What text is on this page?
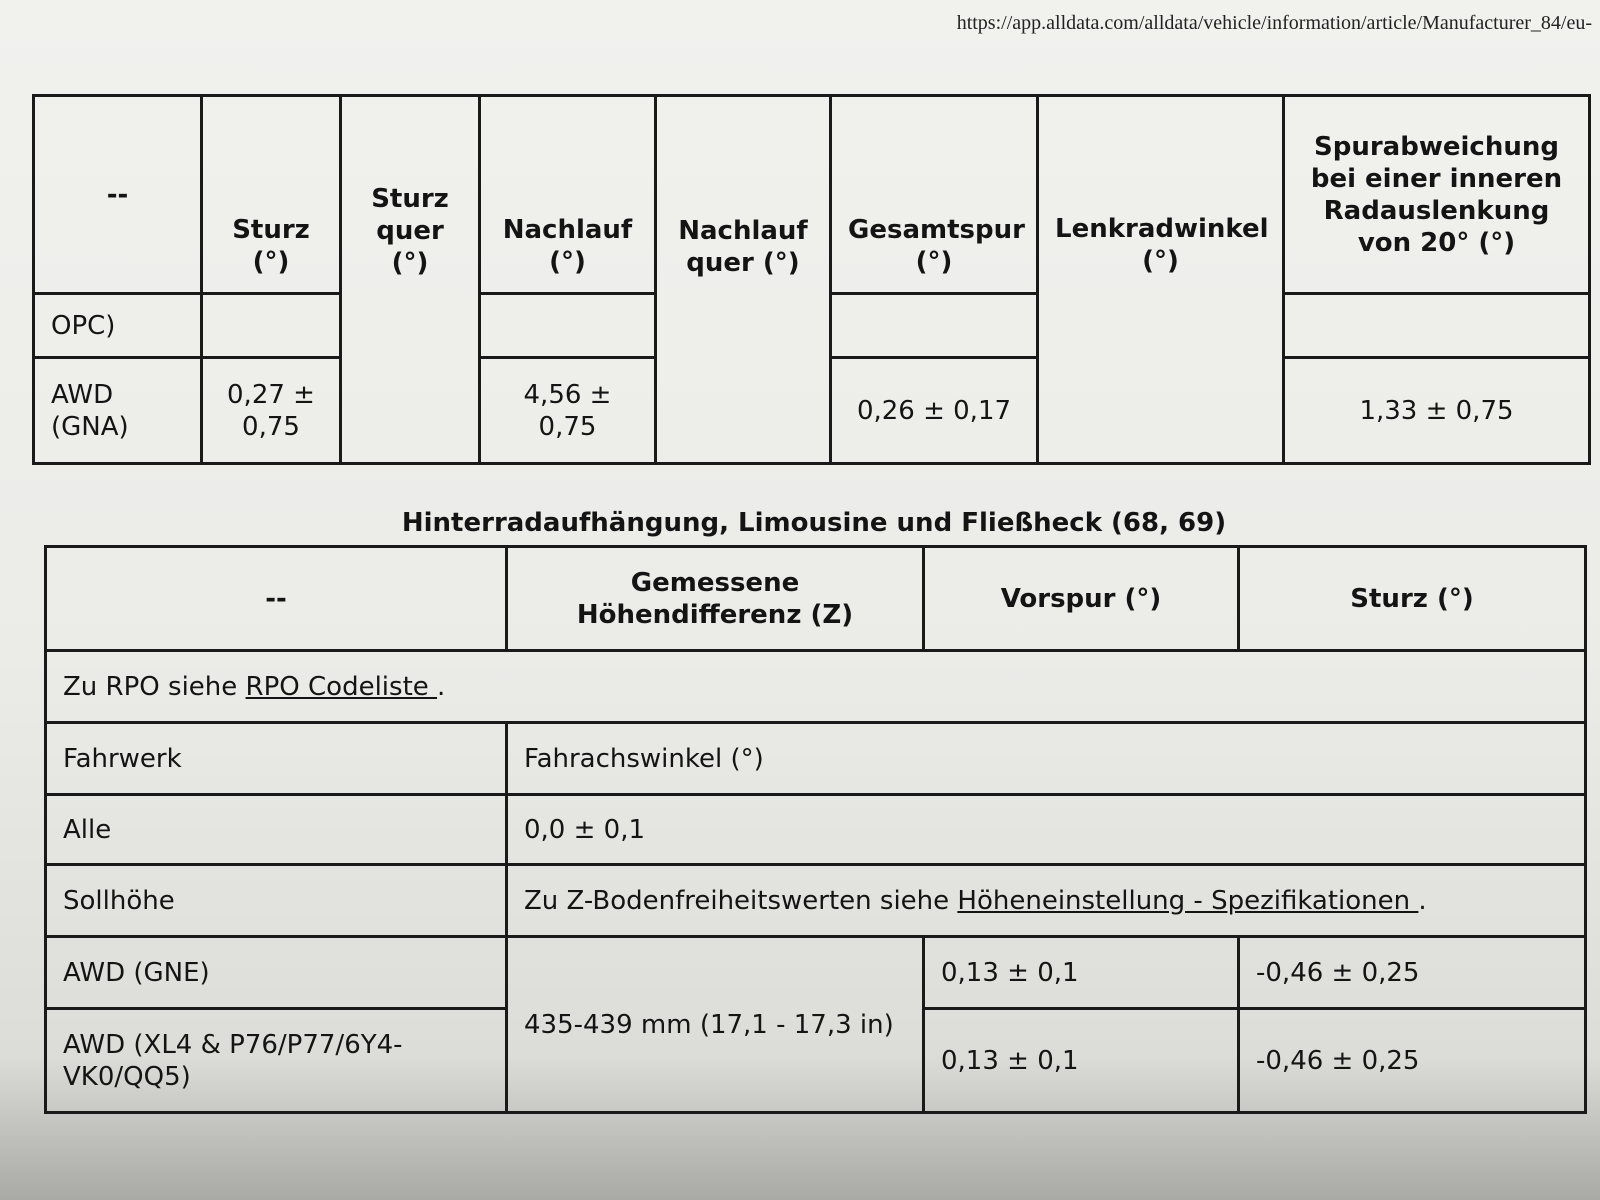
https://app.alldata.com/alldata/vehicle/information/article/Manufacturer_84/eu-
--	Sturz (°)	Sturz quer (°)	Nachlauf (°)	Nachlauf quer (°)	Gesamtspur (°)	Lenkradwinkel (°)	Spurabweichung bei einer inneren Radauslenkung von 20° (°)
OPC)							
AWD (GNA)	0,27 ± 0,75		4,56 ± 0,75		0,26 ± 0,17		1,33 ± 0,75
Hinterradaufhängung, Limousine und Fließheck (68, 69)
--	Gemessene Höhendifferenz (Z)	Vorspur (°)	Sturz (°)
Zu RPO siehe RPO Codeliste .			
Fahrwerk	Fahrachswinkel (°)		
Alle	0,0 ± 0,1		
Sollhöhe	Zu Z-Bodenfreiheitswerten siehe Höheneinstellung - Spezifikationen .		
AWD (GNE)	435-439 mm (17,1 - 17,3 in)	0,13 ± 0,1	-0,46 ± 0,25
AWD (XL4 & P76/P77/6Y4-VK0/QQ5)		0,13 ± 0,1	-0,46 ± 0,25
